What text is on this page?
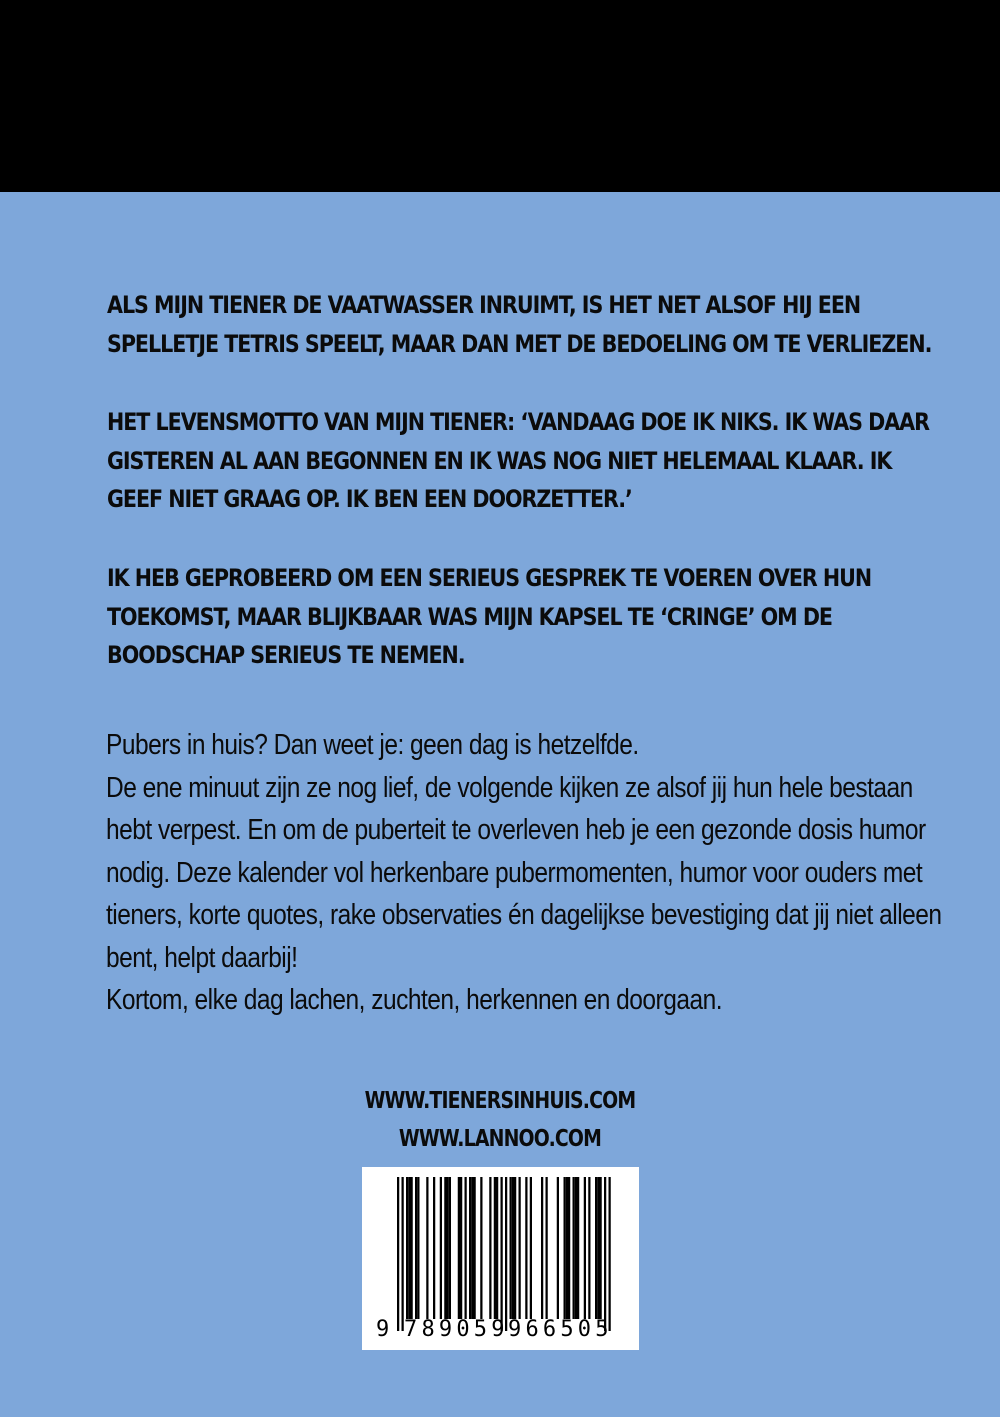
ALS MIJN TIENER DE VAATWASSER INRUIMT, IS HET NET ALSOF HIJ EEN SPELLETJE TETRIS SPEELT, MAAR DAN MET DE BEDOELING OM TE VERLIEZEN.

HET LEVENSMOTTO VAN MIJN TIENER: ‘VANDAAG DOE IK NIKS. IK WAS DAAR GISTEREN AL AAN BEGONNEN EN IK WAS NOG NIET HELEMAAL KLAAR. IK GEEF NIET GRAAG OP. IK BEN EEN DOORZETTER.’

IK HEB GEPROBEERD OM EEN SERIEUS GESPREK TE VOEREN OVER HUN TOEKOMST, MAAR BLIJKBAAR WAS MIJN KAPSEL TE ‘CRINGE’ OM DE BOODSCHAP SERIEUS TE NEMEN.

Pubers in huis? Dan weet je: geen dag is hetzelfde.

De ene minuut zijn ze nog lief, de volgende kijken ze alsof jij hun hele bestaan hebt verpest. En om de puberteit te overleven heb je een gezonde dosis humor nodig. Deze kalender vol herkenbare pubermomenten, humor voor ouders met tieners, korte quotes, rake observaties én dagelijkse bevestiging dat jij niet alleen bent, helpt daarbij!

Kortom, elke dag lachen, zuchten, herkennen en doorgaan.

WWW.TIENERSINHUIS.COM
WWW.LANNOO.COM
9 789059 966505
